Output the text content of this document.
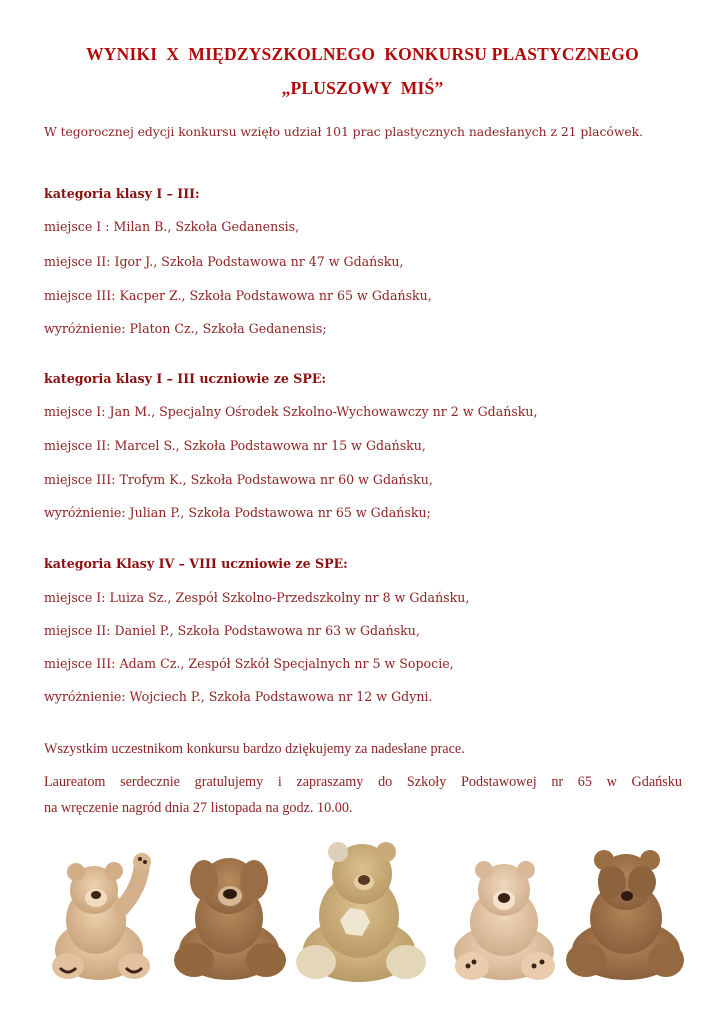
WYNIKI  X  MIĘDZYSZKOLNEGO  KONKURSU PLASTYCZNEGO
„PLUSZOWY  MIŚ”
W tegorocznej edycji konkursu wzięło udział 101 prac plastycznych nadesłanych z 21 placówek.
kategoria klasy I – III:
miejsce I : Milan B., Szkoła Gedanensis,
miejsce II: Igor J., Szkoła Podstawowa nr 47 w Gdańsku,
miejsce III: Kacper Z., Szkoła Podstawowa nr 65 w Gdańsku,
wyróżnienie: Platon Cz., Szkoła Gedanensis;
kategoria klasy I – III uczniowie ze SPE:
miejsce I: Jan M., Specjalny Ośrodek Szkolno-Wychowawczy nr 2 w Gdańsku,
miejsce II: Marcel S., Szkoła Podstawowa nr 15 w Gdańsku,
miejsce III: Trofym K., Szkoła Podstawowa nr 60 w Gdańsku,
wyróżnienie: Julian P., Szkoła Podstawowa nr 65 w Gdańsku;
kategoria Klasy IV – VIII uczniowie ze SPE:
miejsce I: Luiza Sz., Zespół Szkolno-Przedszkolny nr 8 w Gdańsku,
miejsce II: Daniel P., Szkoła Podstawowa nr 63 w Gdańsku,
miejsce III: Adam Cz., Zespół Szkół Specjalnych nr 5 w Sopocie,
wyróżnienie: Wojciech P., Szkoła Podstawowa nr 12 w Gdyni.
Wszystkim uczestnikom konkursu bardzo dziękujemy za nadesłane prace.
Laureatom serdecznie gratulujemy i zapraszamy do Szkoły Podstawowej nr 65 w Gdańsku
na wręczenie nagród dnia 27 listopada na godz. 10.00.
